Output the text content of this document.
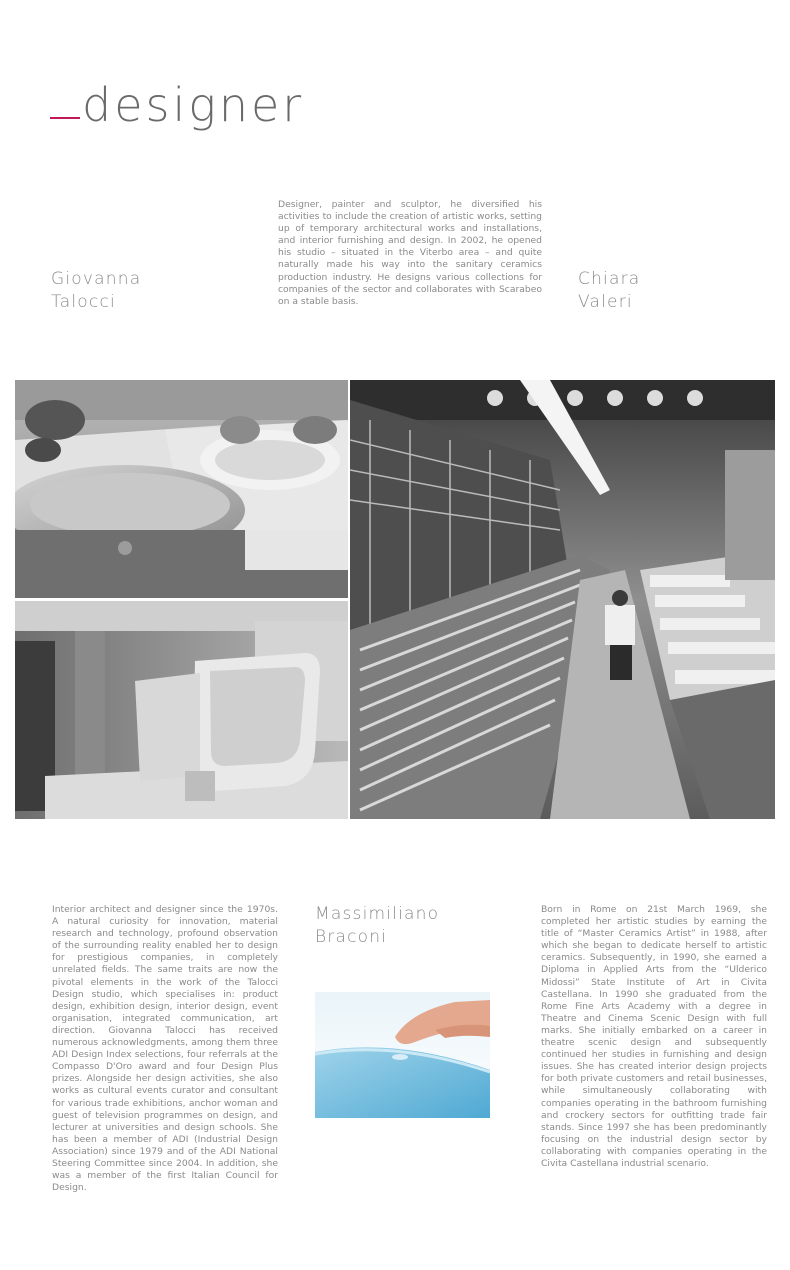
designer
Giovanna
Talocci
Designer, painter and sculptor, he diversified his activities to include the creation of artistic works, setting up of temporary architectural works and installations, and interior furnishing and design. In 2002, he opened his studio – situated in the Viterbo area – and quite naturally made his way into the sanitary ceramics production industry. He designs various collections for companies of the sector and collaborates with Scarabeo on a stable basis.
Chiara
Valeri
Interior architect and designer since the 1970s. A natural curiosity for innovation, material research and technology, profound observation of the surrounding reality enabled her to design for prestigious companies, in completely unrelated fields. The same traits are now the pivotal elements in the work of the Talocci Design studio, which specialises in: product design, exhibition design, interior design, event organisation, integrated communication, art direction. Giovanna Talocci has received numerous acknowledgments, among them three ADI Design Index selections, four referrals at the Compasso D'Oro award and four Design Plus prizes. Alongside her design activities, she also works as cultural events curator and consultant for various trade exhibitions, anchor woman and guest of television programmes on design, and lecturer at universities and design schools. She has been a member of ADI (Industrial Design Association) since 1979 and of the ADI National Steering Committee since 2004. In addition, she was a member of the first Italian Council for Design.
Massimiliano
Braconi
Born in Rome on 21st March 1969, she completed her artistic studies by earning the title of “Master Ceramics Artist” in 1988, after which she began to dedicate herself to artistic ceramics. Subsequently, in 1990, she earned a Diploma in Applied Arts from the “Ulderico Midossi” State Institute of Art in Civita Castellana. In 1990 she graduated from the Rome Fine Arts Academy with a degree in Theatre and Cinema Scenic Design with full marks. She initially embarked on a career in theatre scenic design and subsequently continued her studies in furnishing and design issues. She has created interior design projects for both private customers and retail businesses, while simultaneously collaborating with companies operating in the bathroom furnishing and crockery sectors for outfitting trade fair stands. Since 1997 she has been predominantly focusing on the industrial design sector by collaborating with companies operating in the Civita Castellana industrial scenario.
